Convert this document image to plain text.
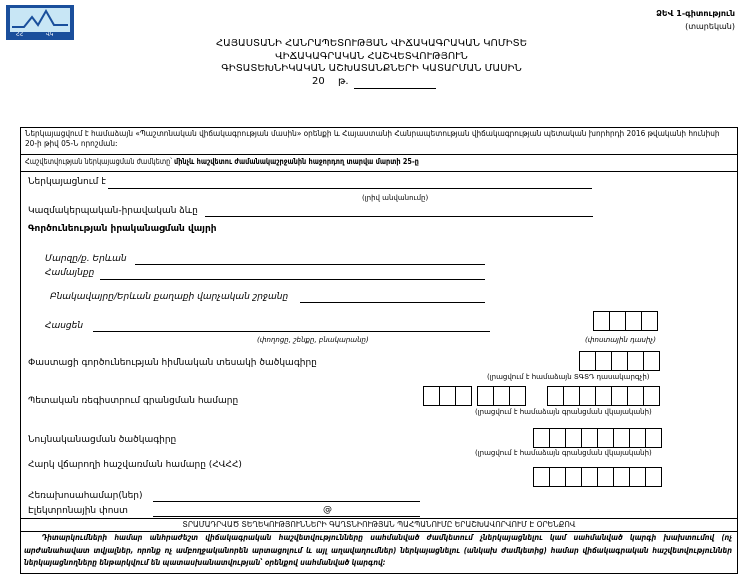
ՀՀ	ՎԿ
ՁԵՎ 1-գիտություն
(տարեկան)
ՀԱՅԱՍՏԱՆԻ ՀԱՆՐԱՊԵՏՈՒԹՅԱՆ ՎԻՃԱԿԱԳՐԱԿԱՆ ԿՈՄԻՏԵ
ՎԻՃԱԿԱԳՐԱԿԱՆ ՀԱՇՎԵՏՎՈՒԹՅՈՒՆ
ԳԻՏԱՏԵԽՆԻԿԱԿԱՆ ԱՇԽԱՏԱՆՔՆԵՐԻ ԿԱՏԱՐՄԱՆ ՄԱՍԻՆ
20 թ.
Ներկայացվում է համաձայն «Պաշտոնական վիճակագրության մասին» օրենքի և Հայաստանի Հանրապետության վիճակագրության պետական խորհրդի 2016 թվականի հունիսի 20-ի թիվ 05-Ն որոշման:
Հաշվետվության ներկայացման ժամկետը՝ մինչև հաշվետու ժամանակաշրջանին հաջորդող տարվա մարտի 25-ը
Ներկայացնում է
(լրիվ անվանումը)
Կազմակերպական-իրավական ձևը
Գործունեության իրականացման վայրի
Մարզը/ք. Երևան
Համայնքը
Բնակավայրը/Երևան քաղաքի վարչական շրջանը
Հասցեն
(փողոցը, շենքը, բնակարանը)	(փոստային դասիչ)
Փաստացի գործունեության հիմնական տեսակի ծածկագիրը
(լրացվում է համաձայն ՏԳՏԴ դասակարգչի)
Պետական ռեգիստրում գրանցման համարը
(լրացվում է համաձայն գրանցման վկայականի)
Նույնականացման ծածկագիրը
(լրացվում է համաձայն գրանցման վկայականի)
Հարկ վճարողի հաշվառման համարը (ՀՎՀՀ)
Հեռախոսահամար(ներ)
Էլեկտրոնային փոստ	@
ՏՐԱՄԱԴՐՎԱԾ ՏԵՂԵԿՈՒԹՅՈՒՆՆԵՐԻ ԳԱՂՏՆԻՈՒԹՅԱՆ ՊԱՀՊԱՆՈՒՄԸ ԵՐԱՇԽԱՎՈՐՎՈՒՄ Է ՕՐԵՆՔՈՎ
Դիտարկումների համար անհրաժեշտ վիճակագրական հաշվետվությունները սահմանված ժամկետում չներկայացնելու կամ սահմանված կարգի խախտումով (ոչ արժանահավատ տվյալներ, որոնք ոչ ամբողջականորեն արտացոլում և այլ աղավաղումներ) ներկայացնելու (անկախ ժամկետից) համար վիճակագրական հաշվետվություններ ներկայացնողները ենթարկվում են պատասխանատվության՝ օրենքով սահմանված կարգով:
